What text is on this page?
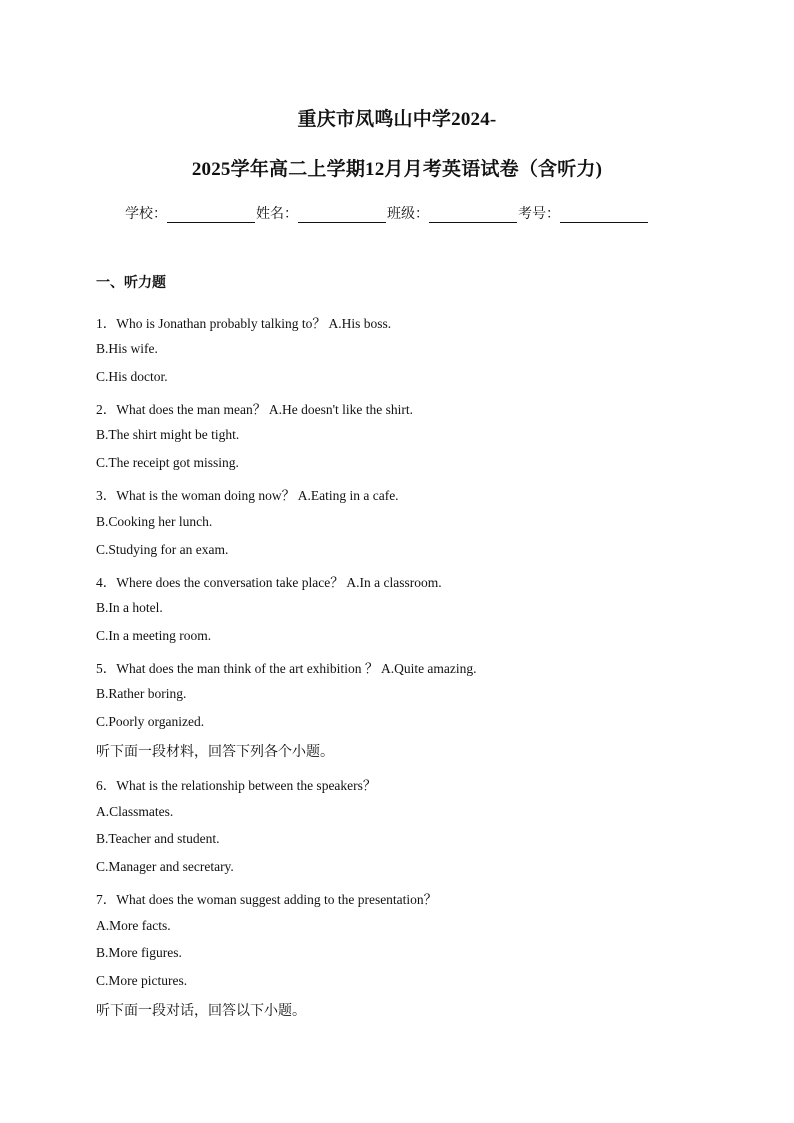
重庆市凤鸣山中学2024-
2025学年高二上学期12月月考英语试卷（含听力)
学校：	姓名：	班级：	考号：
一、听力题
1．Who is Jonathan probably talking to？ A.His boss.
B.His wife.
C.His doctor.
2．What does the man mean？ A.He doesn't like the shirt.
B.The shirt might be tight.
C.The receipt got missing.
3．What is the woman doing now？ A.Eating in a cafe.
B.Cooking her lunch.
C.Studying for an exam.
4．Where does the conversation take place？ A.In a classroom.
B.In a hotel.
C.In a meeting room.
5．What does the man think of the art exhibition ？ A.Quite amazing.
B.Rather boring.
C.Poorly organized.
听下面一段材料，回答下列各个小题。
6．What is the relationship between the speakers？
A.Classmates.
B.Teacher and student.
C.Manager and secretary.
7．What does the woman suggest adding to the presentation？
A.More facts.
B.More figures.
C.More pictures.
听下面一段对话，回答以下小题。
